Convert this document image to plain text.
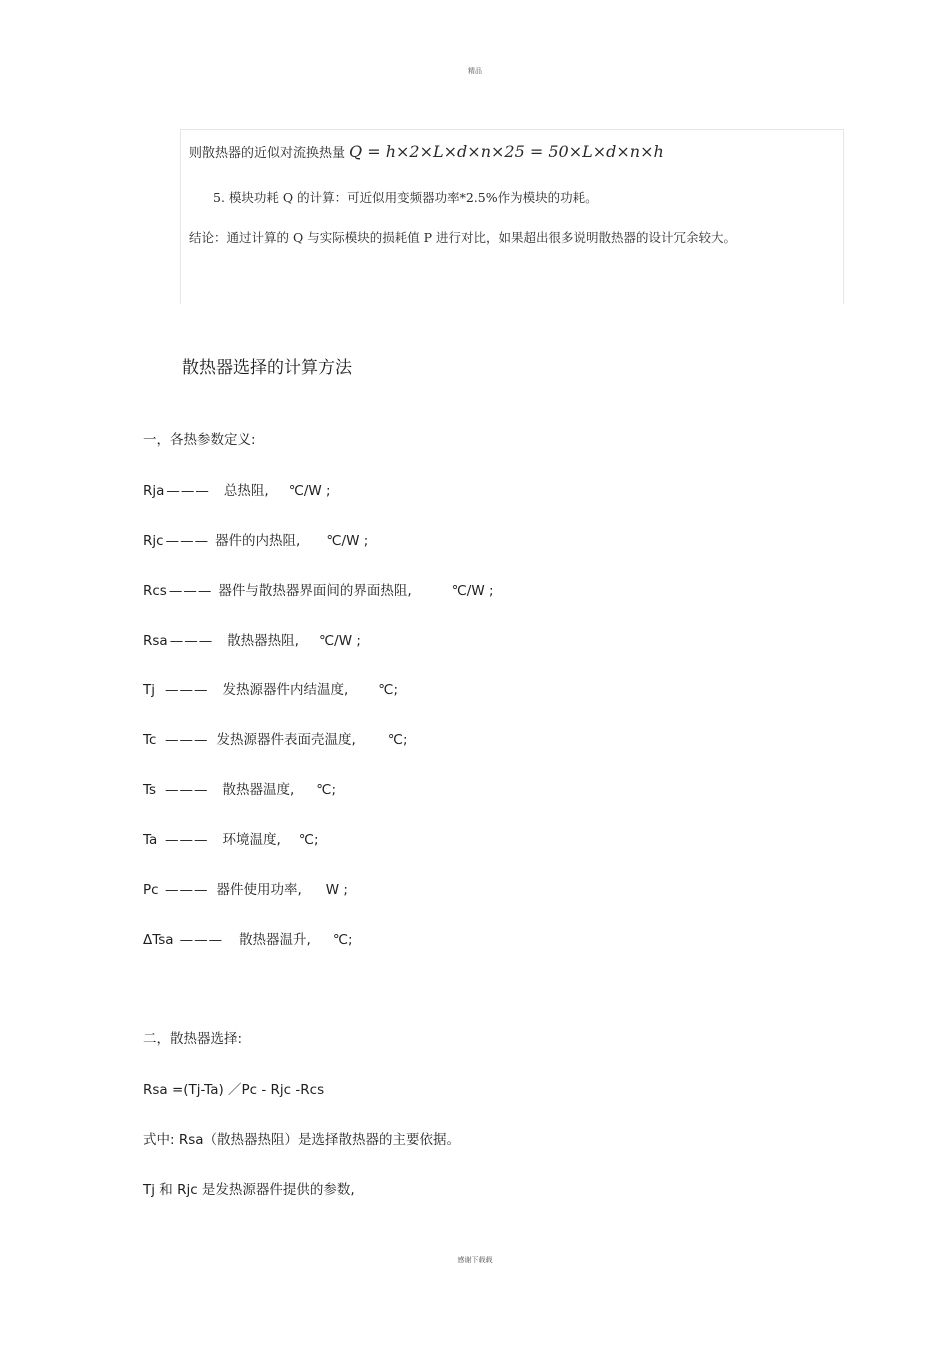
精品
则散热器的近似对流换热量 Q = h×2×L×d×n×25 = 50×L×d×n×h
5. 模块功耗 Q 的计算：可近似用变频器功率*2.5%作为模块的功耗。
结论：通过计算的 Q 与实际模块的损耗值 P 进行对比，如果超出很多说明散热器的设计冗余较大。
散热器选择的计算方法
一，各热参数定义:
Rja ——— 总热阻, ℃/W ;
Rjc ——— 器件的内热阻, ℃/W ;
Rcs ——— 器件与散热器界面间的界面热阻,	℃/W ;
Rsa ——— 散热器热阻, ℃/W ;
Tj ——— 发热源器件内结温度, ℃;
Tc ——— 发热源器件表面壳温度, ℃;
Ts ——— 散热器温度, ℃;
Ta ——— 环境温度, ℃;
Pc ——— 器件使用功率, W ;
ΔTsa ——— 散热器温升, ℃;
二，散热器选择:
Rsa =(Tj-Ta) ／Pc - Rjc -Rcs
式中: Rsa（散热器热阻）是选择散热器的主要依据。
Tj 和 Rjc 是发热源器件提供的参数,
感谢下载载
